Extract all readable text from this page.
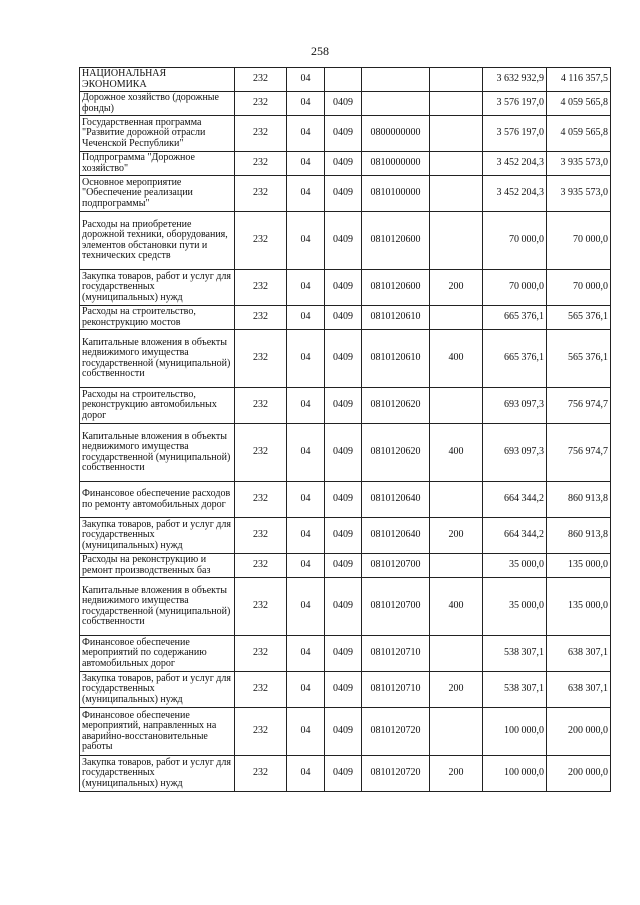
258
НАЦИОНАЛЬНАЯ ЭКОНОМИКА	232	04				3 632 932,9	4 116 357,5
Дорожное хозяйство (дорожные фонды)	232	04	0409			3 576 197,0	4 059 565,8
Государственная программа "Развитие дорожной отрасли Чеченской Республики"	232	04	0409	0800000000		3 576 197,0	4 059 565,8
Подпрограмма "Дорожное хозяйство"	232	04	0409	0810000000		3 452 204,3	3 935 573,0
Основное мероприятие "Обеспечение реализации подпрограммы"	232	04	0409	0810100000		3 452 204,3	3 935 573,0
Расходы на приобретение дорожной техники, оборудования, элементов обстановки пути и технических средств	232	04	0409	0810120600		70 000,0	70 000,0
Закупка товаров, работ и услуг для государственных (муниципальных) нужд	232	04	0409	0810120600	200	70 000,0	70 000,0
Расходы на строительство, реконструкцию мостов	232	04	0409	0810120610		665 376,1	565 376,1
Капитальные вложения в объекты недвижимого имущества государственной (муниципальной) собственности	232	04	0409	0810120610	400	665 376,1	565 376,1
Расходы на строительство, реконструкцию автомобильных дорог	232	04	0409	0810120620		693 097,3	756 974,7
Капитальные вложения в объекты недвижимого имущества государственной (муниципальной) собственности	232	04	0409	0810120620	400	693 097,3	756 974,7
Финансовое обеспечение расходов по ремонту автомобильных дорог	232	04	0409	0810120640		664 344,2	860 913,8
Закупка товаров, работ и услуг для государственных (муниципальных) нужд	232	04	0409	0810120640	200	664 344,2	860 913,8
Расходы на реконструкцию и ремонт производственных баз	232	04	0409	0810120700		35 000,0	135 000,0
Капитальные вложения в объекты недвижимого имущества государственной (муниципальной) собственности	232	04	0409	0810120700	400	35 000,0	135 000,0
Финансовое обеспечение мероприятий по содержанию автомобильных дорог	232	04	0409	0810120710		538 307,1	638 307,1
Закупка товаров, работ и услуг для государственных (муниципальных) нужд	232	04	0409	0810120710	200	538 307,1	638 307,1
Финансовое обеспечение мероприятий, направленных на аварийно-восстановительные работы	232	04	0409	0810120720		100 000,0	200 000,0
Закупка товаров, работ и услуг для государственных (муниципальных) нужд	232	04	0409	0810120720	200	100 000,0	200 000,0
